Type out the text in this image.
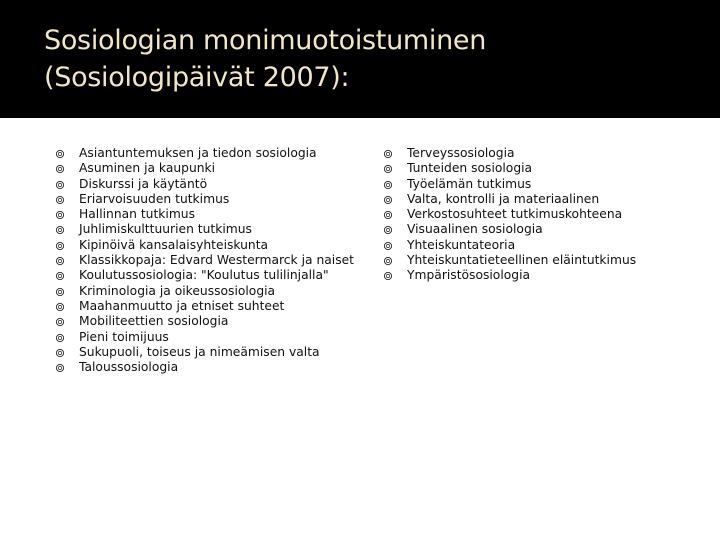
Sosiologian monimuotoistuminen
(Sosiologipäivät 2007):
Asiantuntemuksen ja tiedon sosiologia
Asuminen ja kaupunki
Diskurssi ja käytäntö
Eriarvoisuuden tutkimus
Hallinnan tutkimus
Juhlimiskulttuurien tutkimus
Kipinöivä kansalaisyhteiskunta
Klassikkopaja: Edvard Westermarck ja naiset
Koulutussosiologia: "Koulutus tulilinjalla"
Kriminologia ja oikeussosiologia
Maahanmuutto ja etniset suhteet
Mobiliteettien sosiologia
Pieni toimijuus
Sukupuoli, toiseus ja nimeämisen valta
Taloussosiologia
Terveyssosiologia
Tunteiden sosiologia
Työelämän tutkimus
Valta, kontrolli ja materiaalinen
Verkostosuhteet tutkimuskohteena
Visuaalinen sosiologia
Yhteiskuntateoria
Yhteiskuntatieteellinen eläintutkimus
Ympäristösosiologia
